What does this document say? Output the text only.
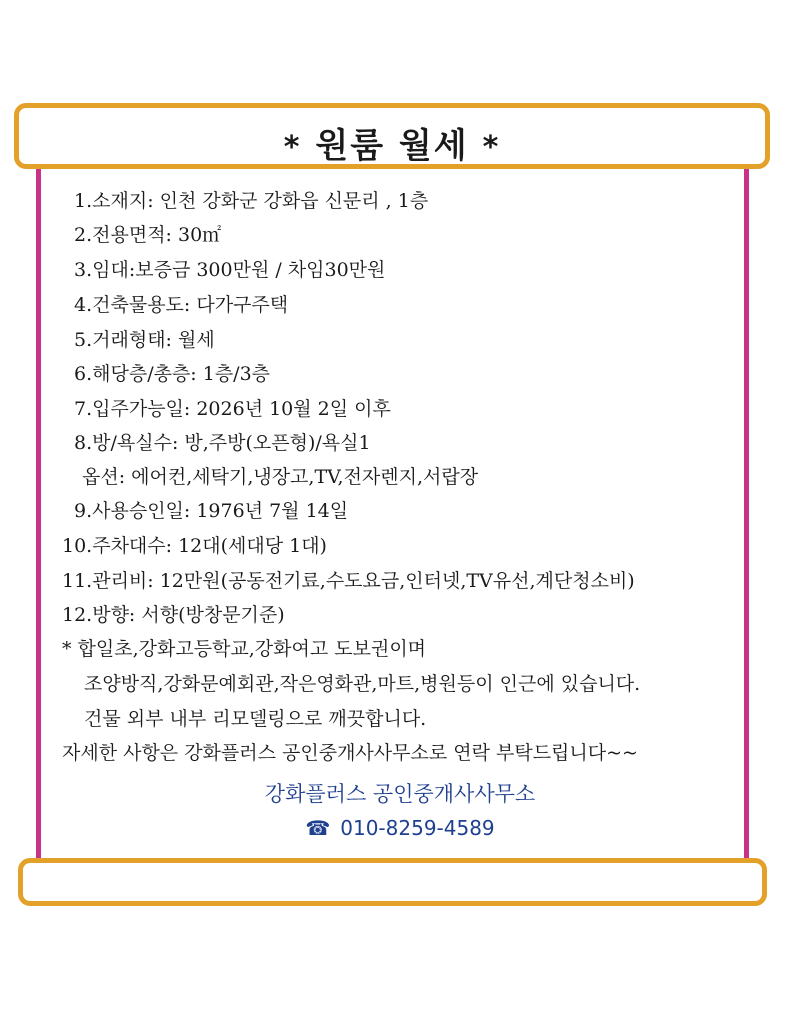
* 원룸 월세 *
1.소재지: 인천 강화군 강화읍 신문리 , 1층
2.전용면적: 30㎡
3.임대:보증금 300만원 / 차임30만원
4.건축물용도: 다가구주택
5.거래형태: 월세
6.해당층/총층: 1층/3층
7.입주가능일: 2026년 10월 2일 이후
8.방/욕실수: 방,주방(오픈형)/욕실1
옵션: 에어컨,세탁기,냉장고,TV,전자렌지,서랍장
9.사용승인일: 1976년 7월 14일
10.주차대수: 12대(세대당 1대)
11.관리비: 12만원(공동전기료,수도요금,인터넷,TV유선,계단청소비)
12.방향: 서향(방창문기준)
* 합일초,강화고등학교,강화여고 도보권이며
조양방직,강화문예회관,작은영화관,마트,병원등이 인근에 있습니다.
건물 외부 내부 리모델링으로 깨끗합니다.
자세한 사항은 강화플러스 공인중개사사무소로 연락 부탁드립니다~~
강화플러스 공인중개사사무소
☎ 010-8259-4589
